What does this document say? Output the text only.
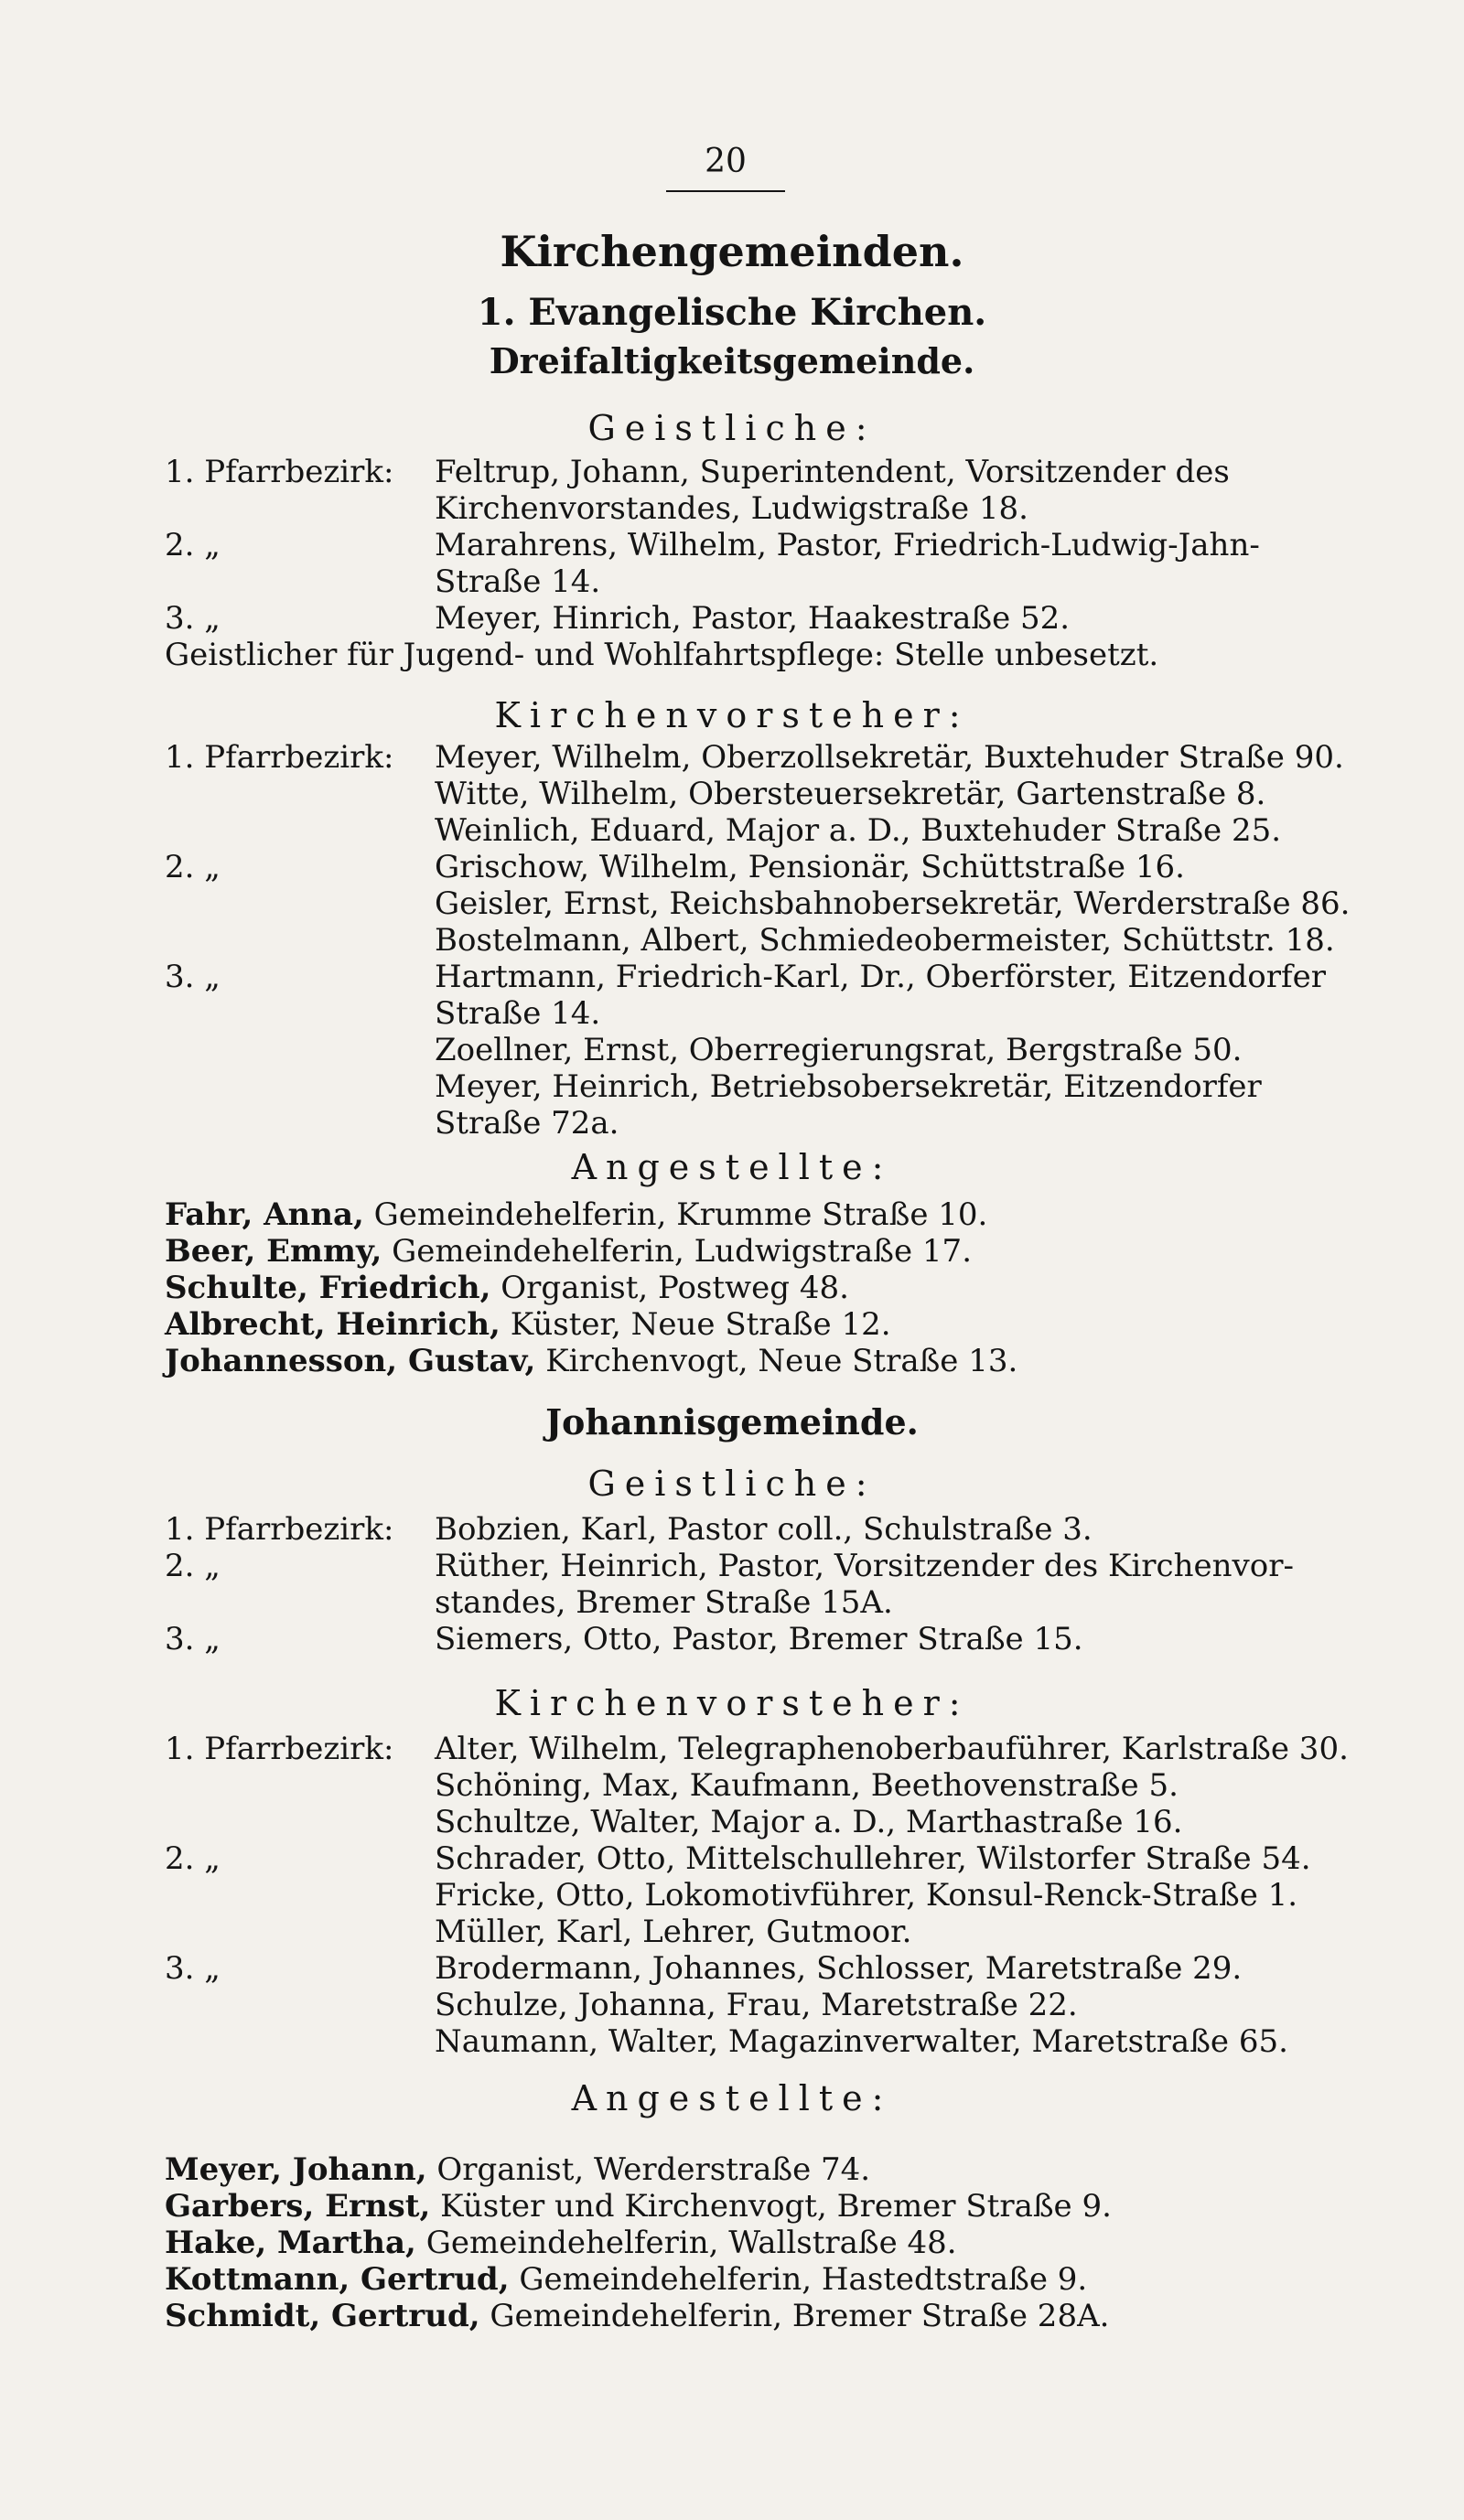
20
Kirchengemeinden.
1. Evangelische Kirchen.
Dreifaltigkeitsgemeinde.
Geistliche:
1. Pfarrbezirk: Feltrup, Johann, Superintendent, Vorsitzender des
Kirchenvorstandes, Ludwigstraße 18.
2. „	Marahrens, Wilhelm, Pastor, Friedrich-Ludwig-Jahn-
Straße 14.
3. „	Meyer, Hinrich, Pastor, Haakestraße 52.
Geistlicher für Jugend- und Wohlfahrtspflege: Stelle unbesetzt.
Kirchenvorsteher:
1. Pfarrbezirk: Meyer, Wilhelm, Oberzollsekretär, Buxtehuder Straße 90.
Witte, Wilhelm, Obersteuersekretär, Gartenstraße 8.
Weinlich, Eduard, Major a. D., Buxtehuder Straße 25.
2. „	Grischow, Wilhelm, Pensionär, Schüttstraße 16.
Geisler, Ernst, Reichsbahnobersekretär, Werderstraße 86.
Bostelmann, Albert, Schmiedeobermeister, Schüttstr. 18.
3. „	Hartmann, Friedrich-Karl, Dr., Oberförster, Eitzendorfer
Straße 14.
Zoellner, Ernst, Oberregierungsrat, Bergstraße 50.
Meyer, Heinrich, Betriebsobersekretär, Eitzendorfer
Straße 72a.
Angestellte:
Fahr, Anna, Gemeindehelferin, Krumme Straße 10.
Beer, Emmy, Gemeindehelferin, Ludwigstraße 17.
Schulte, Friedrich, Organist, Postweg 48.
Albrecht, Heinrich, Küster, Neue Straße 12.
Johannesson, Gustav, Kirchenvogt, Neue Straße 13.
Johannisgemeinde.
Geistliche:
1. Pfarrbezirk: Bobzien, Karl, Pastor coll., Schulstraße 3.
2. „	Rüther, Heinrich, Pastor, Vorsitzender des Kirchenvor-
standes, Bremer Straße 15A.
3. „	Siemers, Otto, Pastor, Bremer Straße 15.
Kirchenvorsteher:
1. Pfarrbezirk: Alter, Wilhelm, Telegraphenoberbauführer, Karlstraße 30.
Schöning, Max, Kaufmann, Beethovenstraße 5.
Schultze, Walter, Major a. D., Marthastraße 16.
2. „	Schrader, Otto, Mittelschullehrer, Wilstorfer Straße 54.
Fricke, Otto, Lokomotivführer, Konsul-Renck-Straße 1.
Müller, Karl, Lehrer, Gutmoor.
3. „	Brodermann, Johannes, Schlosser, Maretstraße 29.
Schulze, Johanna, Frau, Maretstraße 22.
Naumann, Walter, Magazinverwalter, Maretstraße 65.
Angestellte:
Meyer, Johann, Organist, Werderstraße 74.
Garbers, Ernst, Küster und Kirchenvogt, Bremer Straße 9.
Hake, Martha, Gemeindehelferin, Wallstraße 48.
Kottmann, Gertrud, Gemeindehelferin, Hastedtstraße 9.
Schmidt, Gertrud, Gemeindehelferin, Bremer Straße 28A.
